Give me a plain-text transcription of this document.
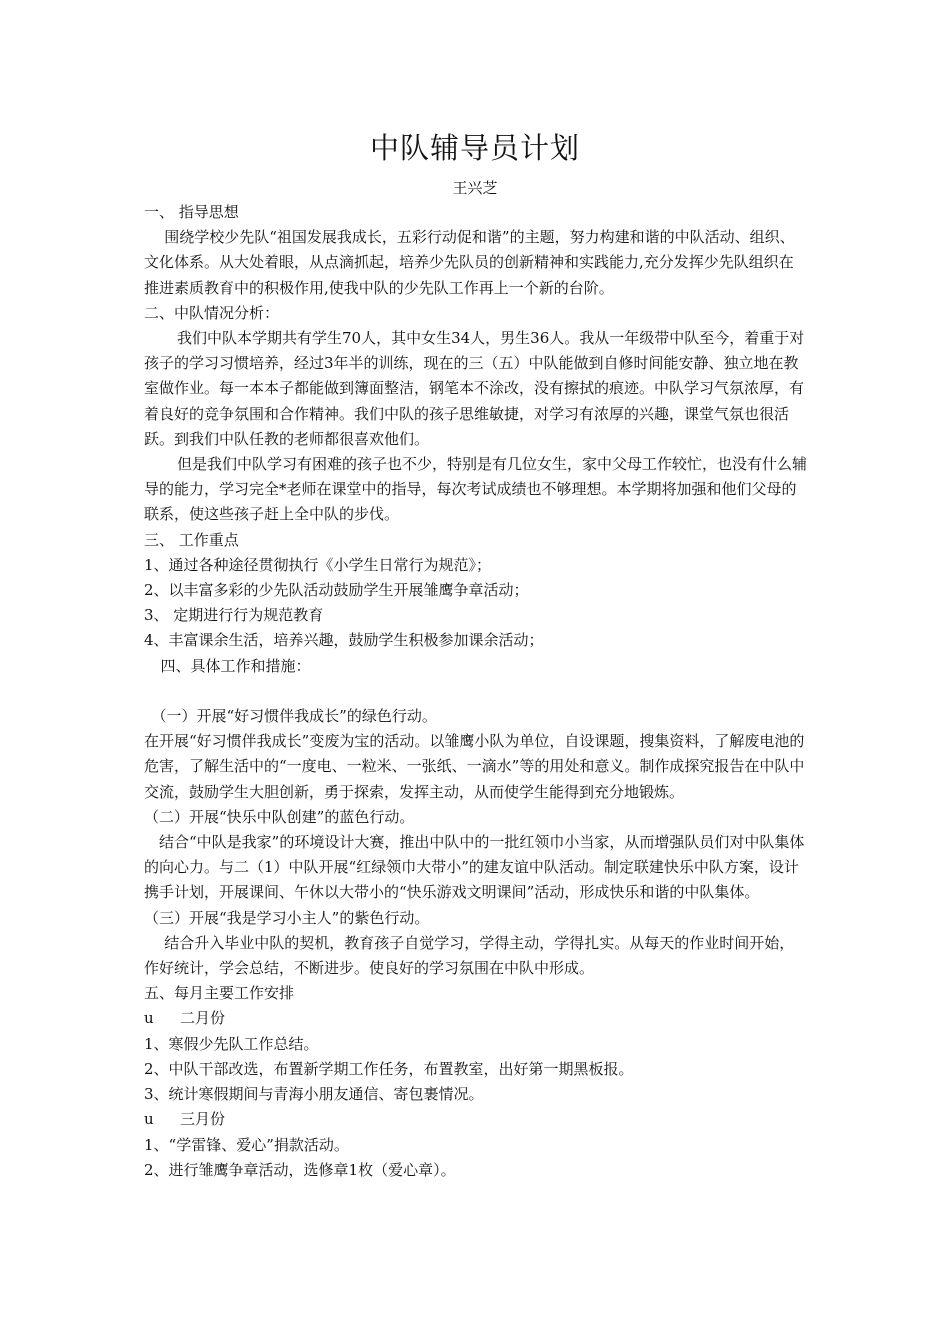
中队辅导员计划
王兴芝

一、 指导思想

围绕学校少先队“祖国发展我成长，五彩行动促和谐”的主题，努力构建和谐的中队活动、组织、文化体系。从大处着眼，从点滴抓起，培养少先队员的创新精神和实践能力,充分发挥少先队组织在推进素质教育中的积极作用,使我中队的少先队工作再上一个新的台阶。

二、中队情况分析：

我们中队本学期共有学生70人，其中女生34人，男生36人。我从一年级带中队至今，着重于对孩子的学习习惯培养，经过3年半的训练，现在的三（五）中队能做到自修时间能安静、独立地在教室做作业。每一本本子都能做到簿面整洁，钢笔本不涂改，没有擦拭的痕迹。中队学习气氛浓厚，有着良好的竞争氛围和合作精神。我们中队的孩子思维敏捷，对学习有浓厚的兴趣，课堂气氛也很活跃。到我们中队任教的老师都很喜欢他们。

但是我们中队学习有困难的孩子也不少，特别是有几位女生，家中父母工作较忙，也没有什么辅导的能力，学习完全*老师在课堂中的指导，每次考试成绩也不够理想。本学期将加强和他们父母的联系，使这些孩子赶上全中队的步伐。

三、 工作重点

1、通过各种途径贯彻执行《小学生日常行为规范》；

2、以丰富多彩的少先队活动鼓励学生开展雏鹰争章活动；

3、 定期进行行为规范教育

4、丰富课余生活，培养兴趣，鼓励学生积极参加课余活动；

四、具体工作和措施：

（一）开展“好习惯伴我成长”的绿色行动。

在开展“好习惯伴我成长”变废为宝的活动。以雏鹰小队为单位，自设课题，搜集资料，了解废电池的危害，了解生活中的“一度电、一粒米、一张纸、一滴水”等的用处和意义。制作成探究报告在中队中交流，鼓励学生大胆创新，勇于探索，发挥主动，从而使学生能得到充分地锻炼。

（二）开展“快乐中队创建”的蓝色行动。

结合“中队是我家”的环境设计大赛，推出中队中的一批红领巾小当家，从而增强队员们对中队集体的向心力。与二（1）中队开展“红绿领巾大带小”的建友谊中队活动。制定联建快乐中队方案，设计携手计划，开展课间、午休以大带小的“快乐游戏文明课间”活动，形成快乐和谐的中队集体。

（三）开展“我是学习小主人”的紫色行动。

结合升入毕业中队的契机，教育孩子自觉学习，学得主动，学得扎实。从每天的作业时间开始，作好统计，学会总结，不断进步。使良好的学习氛围在中队中形成。

五、每月主要工作安排

u 二月份

1、寒假少先队工作总结。

2、中队干部改选，布置新学期工作任务，布置教室，出好第一期黑板报。

3、统计寒假期间与青海小朋友通信、寄包裹情况。

u 三月份

1、“学雷锋、爱心”捐款活动。

2、进行雏鹰争章活动，选修章1枚（爱心章）。
